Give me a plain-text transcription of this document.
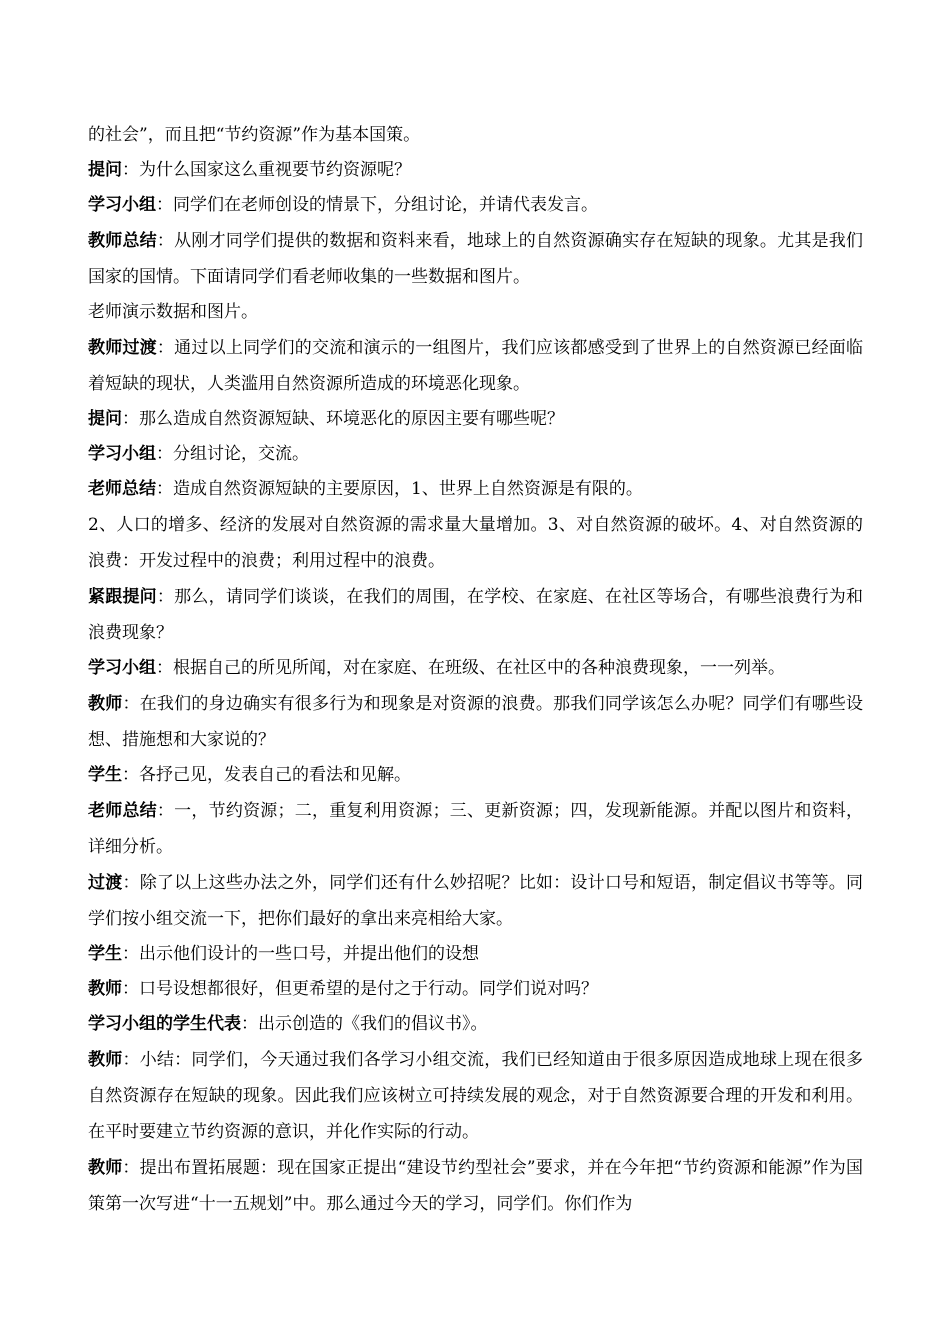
的社会”，而且把“节约资源”作为基本国策。

提问：为什么国家这么重视要节约资源呢？

学习小组：同学们在老师创设的情景下，分组讨论，并请代表发言。

教师总结：从刚才同学们提供的数据和资料来看，地球上的自然资源确实存在短缺的现象。尤其是我们国家的国情。下面请同学们看老师收集的一些数据和图片。

老师演示数据和图片。

教师过渡：通过以上同学们的交流和演示的一组图片，我们应该都感受到了世界上的自然资源已经面临着短缺的现状，人类滥用自然资源所造成的环境恶化现象。

提问：那么造成自然资源短缺、环境恶化的原因主要有哪些呢？

学习小组：分组讨论，交流。

老师总结：造成自然资源短缺的主要原因，1、世界上自然资源是有限的。

2、人口的增多、经济的发展对自然资源的需求量大量增加。3、对自然资源的破坏。4、对自然资源的浪费：开发过程中的浪费；利用过程中的浪费。

紧跟提问：那么，请同学们谈谈，在我们的周围，在学校、在家庭、在社区等场合，有哪些浪费行为和浪费现象？

学习小组：根据自己的所见所闻，对在家庭、在班级、在社区中的各种浪费现象，一一列举。

教师：在我们的身边确实有很多行为和现象是对资源的浪费。那我们同学该怎么办呢？同学们有哪些设想、措施想和大家说的？

学生：各抒己见，发表自己的看法和见解。

老师总结：一，节约资源；二，重复利用资源；三、更新资源；四，发现新能源。并配以图片和资料，详细分析。

过渡：除了以上这些办法之外，同学们还有什么妙招呢？比如：设计口号和短语，制定倡议书等等。同学们按小组交流一下，把你们最好的拿出来亮相给大家。

学生：出示他们设计的一些口号，并提出他们的设想

教师：口号设想都很好，但更希望的是付之于行动。同学们说对吗？

学习小组的学生代表：出示创造的《我们的倡议书》。

教师：小结：同学们，今天通过我们各学习小组交流，我们已经知道由于很多原因造成地球上现在很多自然资源存在短缺的现象。因此我们应该树立可持续发展的观念，对于自然资源要合理的开发和利用。在平时要建立节约资源的意识，并化作实际的行动。

教师：提出布置拓展题：现在国家正提出“建设节约型社会”要求，并在今年把“节约资源和能源”作为国策第一次写进“十一五规划”中。那么通过今天的学习，同学们。你们作为
